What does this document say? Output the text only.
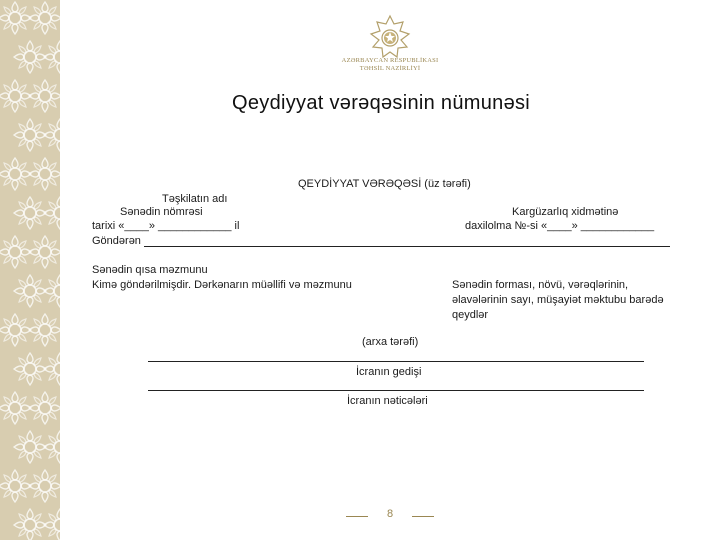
AZƏRBAYCAN RESPUBLİKASI
TƏHSİL NAZİRLİYİ
Qeydiyyat vərəqəsinin nümunəsi
QEYDİYYAT VƏRƏQƏSİ (üz tərəfi)
Təşkilatın adı
Sənədin nömrəsi
tarixi «____» ____________ il
Göndərən
Kargüzarlıq xidmətinə
daxilolma №-si «____» ____________
Sənədin qısa məzmunu
Kimə göndərilmişdir. Dərkənarın müəllifi və məzmunu	Sənədin forması, növü, vərəqlərinin,
əlavələrinin sayı, müşayiət məktubu barədə
qeydlər
(arxa tərəfi)
İcranın gedişi
İcranın nəticələri
8
